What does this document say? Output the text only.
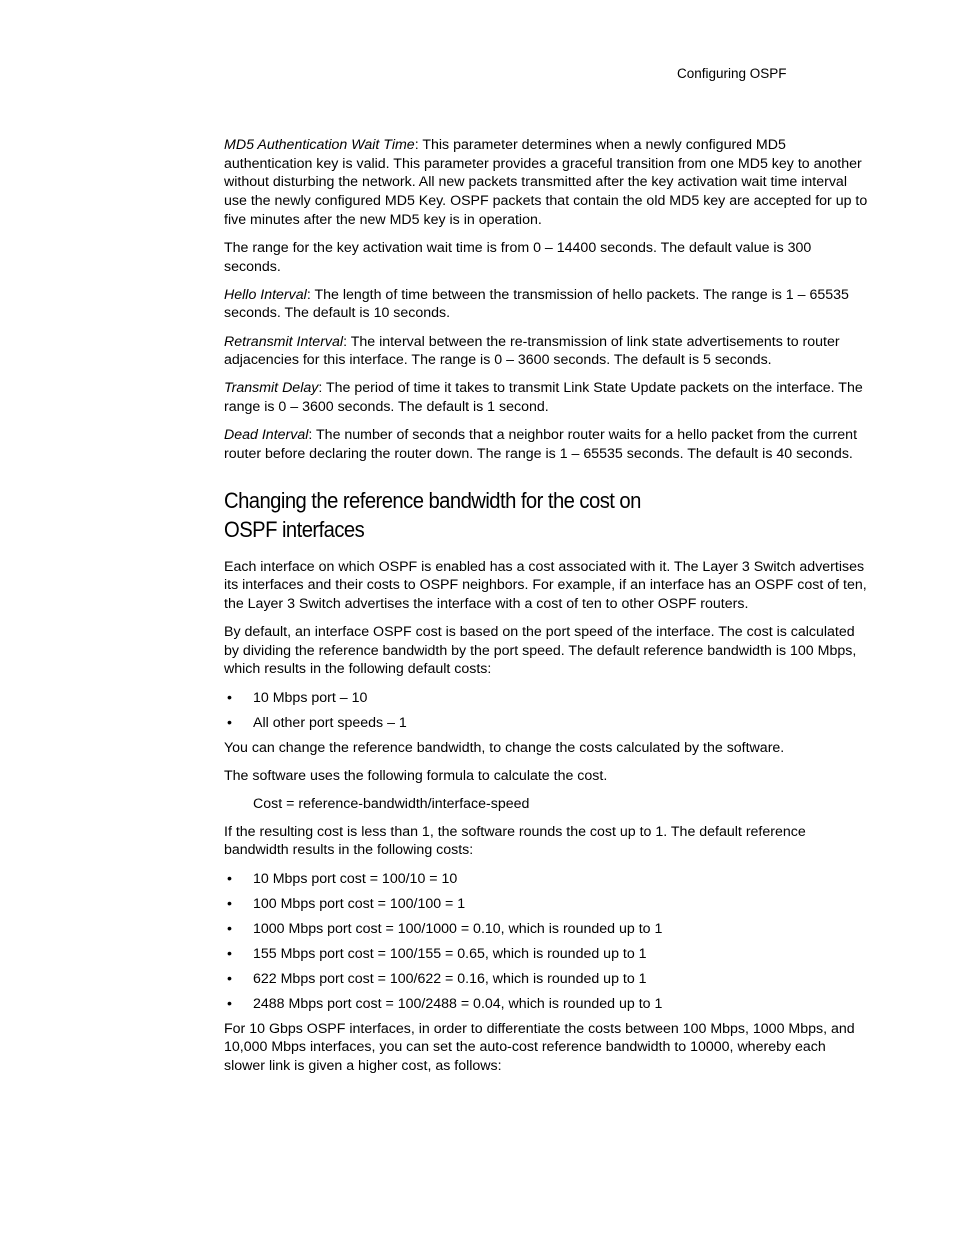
Configuring OSPF

MD5 Authentication Wait Time: This parameter determines when a newly configured MD5 authentication key is valid. This parameter provides a graceful transition from one MD5 key to another without disturbing the network. All new packets transmitted after the key activation wait time interval use the newly configured MD5 Key. OSPF packets that contain the old MD5 key are accepted for up to five minutes after the new MD5 key is in operation.

The range for the key activation wait time is from 0 – 14400 seconds. The default value is 300 seconds.

Hello Interval: The length of time between the transmission of hello packets. The range is 1 – 65535 seconds. The default is 10 seconds.

Retransmit Interval: The interval between the re-transmission of link state advertisements to router adjacencies for this interface. The range is 0 – 3600 seconds. The default is 5 seconds.

Transmit Delay: The period of time it takes to transmit Link State Update packets on the interface. The range is 0 – 3600 seconds. The default is 1 second.

Dead Interval: The number of seconds that a neighbor router waits for a hello packet from the current router before declaring the router down. The range is 1 – 65535 seconds. The default is 40 seconds.

Changing the reference bandwidth for the cost on
OSPF interfaces

Each interface on which OSPF is enabled has a cost associated with it. The Layer 3 Switch advertises its interfaces and their costs to OSPF neighbors. For example, if an interface has an OSPF cost of ten, the Layer 3 Switch advertises the interface with a cost of ten to other OSPF routers.

By default, an interface OSPF cost is based on the port speed of the interface. The cost is calculated by dividing the reference bandwidth by the port speed. The default reference bandwidth is 100 Mbps, which results in the following default costs:

• 10 Mbps port – 10
• All other port speeds – 1

You can change the reference bandwidth, to change the costs calculated by the software.

The software uses the following formula to calculate the cost.

Cost = reference-bandwidth/interface-speed

If the resulting cost is less than 1, the software rounds the cost up to 1. The default reference bandwidth results in the following costs:

• 10 Mbps port cost = 100/10 = 10
• 100 Mbps port cost = 100/100 = 1
• 1000 Mbps port cost = 100/1000 = 0.10, which is rounded up to 1
• 155 Mbps port cost = 100/155 = 0.65, which is rounded up to 1
• 622 Mbps port cost = 100/622 = 0.16, which is rounded up to 1
• 2488 Mbps port cost = 100/2488 = 0.04, which is rounded up to 1

For 10 Gbps OSPF interfaces, in order to differentiate the costs between 100 Mbps, 1000 Mbps, and 10,000 Mbps interfaces, you can set the auto-cost reference bandwidth to 10000, whereby each slower link is given a higher cost, as follows:
